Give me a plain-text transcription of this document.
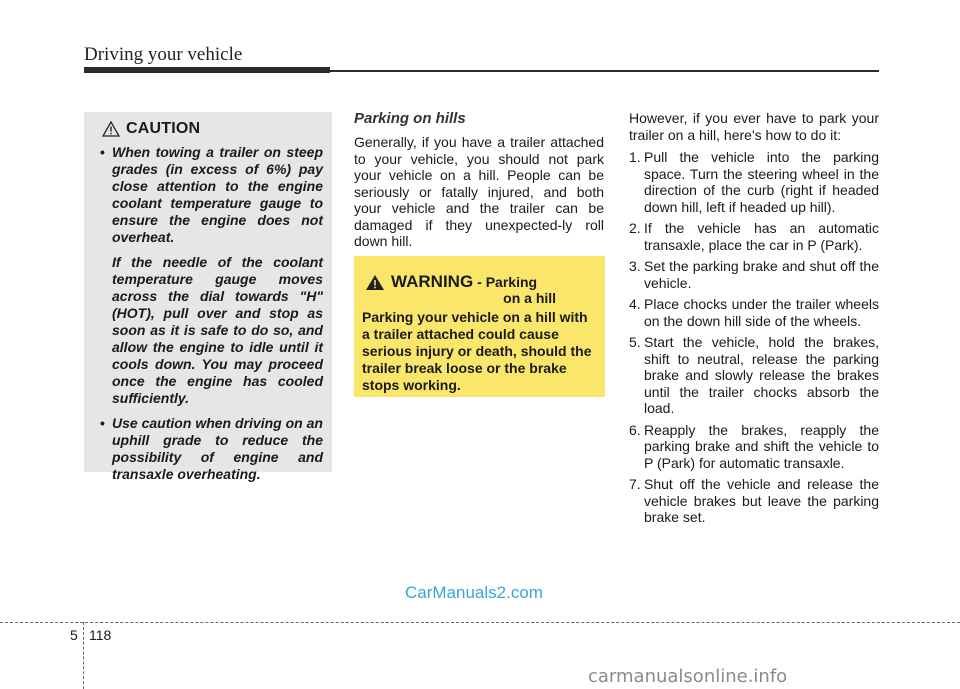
Driving your vehicle
CAUTION
• When towing a trailer on steep grades (in excess of 6%) pay close attention to the engine coolant temperature gauge to ensure the engine does not overheat.
If the needle of the coolant temperature gauge moves across the dial towards "H" (HOT), pull over and stop as soon as it is safe to do so, and allow the engine to idle until it cools down. You may proceed once the engine has cooled sufficiently.
• Use caution when driving on an uphill grade to reduce the possibility of engine and transaxle overheating.
Parking on hills
Generally, if you have a trailer attached to your vehicle, you should not park your vehicle on a hill. People can be seriously or fatally injured, and both your vehicle and the trailer can be damaged if they unexpected-ly roll down hill.
WARNING - Parking
on a hill
Parking your vehicle on a hill with a trailer attached could cause serious injury or death, should the trailer break loose or the brake stops working.
However, if you ever have to park your trailer on a hill, here's how to do it:
1. Pull the vehicle into the parking space. Turn the steering wheel in the direction of the curb (right if headed down hill, left if headed up hill).
2. If the vehicle has an automatic transaxle, place the car in P (Park).
3. Set the parking brake and shut off the vehicle.
4. Place chocks under the trailer wheels on the down hill side of the wheels.
5. Start the vehicle, hold the brakes, shift to neutral, release the parking brake and slowly release the brakes until the trailer chocks absorb the load.
6. Reapply the brakes, reapply the parking brake and shift the vehicle to P (Park) for automatic transaxle.
7. Shut off the vehicle and release the vehicle brakes but leave the parking brake set.
CarManuals2.com
5 118
carmanualsonline.info
